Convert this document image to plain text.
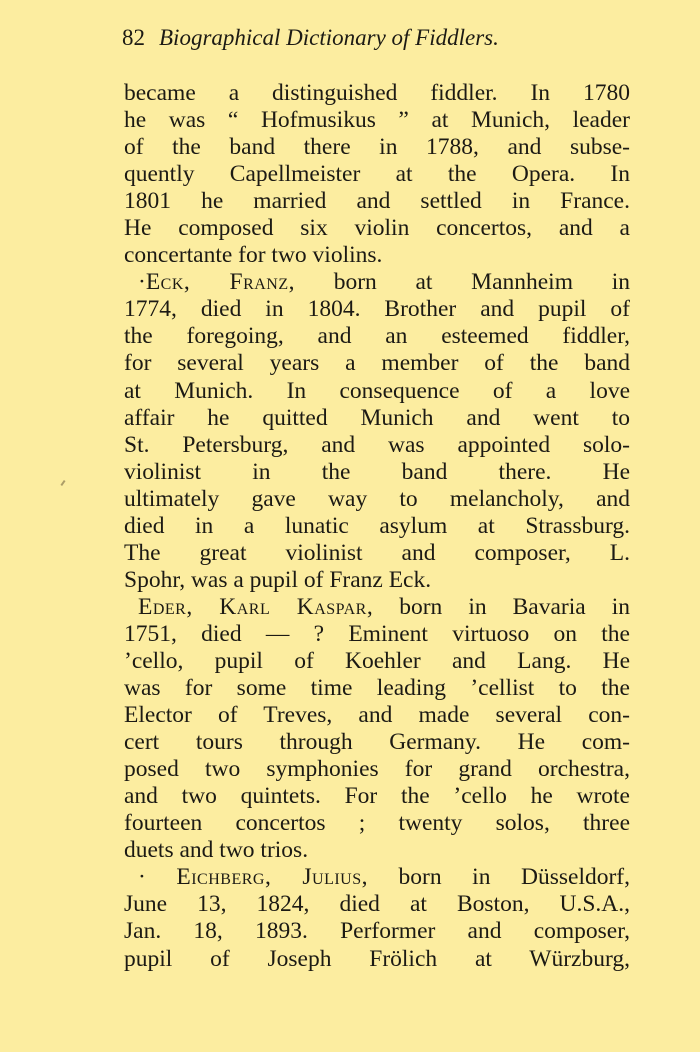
82 Biographical Dictionary of Fiddlers.
became a distinguished fiddler. In 1780
he was “ Hofmusikus ” at Munich, leader
of the band there in 1788, and subse-
quently Capellmeister at the Opera. In
1801 he married and settled in France.
He composed six violin concertos, and a
concertante for two violins.
·Eck, Franz, born at Mannheim in
1774, died in 1804. Brother and pupil of
the foregoing, and an esteemed fiddler,
for several years a member of the band
at Munich. In consequence of a love
affair he quitted Munich and went to
St. Petersburg, and was appointed solo-
violinist in the band there. He
ultimately gave way to melancholy, and
died in a lunatic asylum at Strassburg.
The great violinist and composer, L.
Spohr, was a pupil of Franz Eck.
Eder, Karl Kaspar, born in Bavaria in
1751, died — ? Eminent virtuoso on the
’cello, pupil of Koehler and Lang. He
was for some time leading ’cellist to the
Elector of Treves, and made several con-
cert tours through Germany. He com-
posed two symphonies for grand orchestra,
and two quintets. For the ’cello he wrote
fourteen concertos ; twenty solos, three
duets and two trios.
· Eichberg, Julius, born in Düsseldorf,
June 13, 1824, died at Boston, U.S.A.,
Jan. 18, 1893. Performer and composer,
pupil of Joseph Frölich at Würzburg,
